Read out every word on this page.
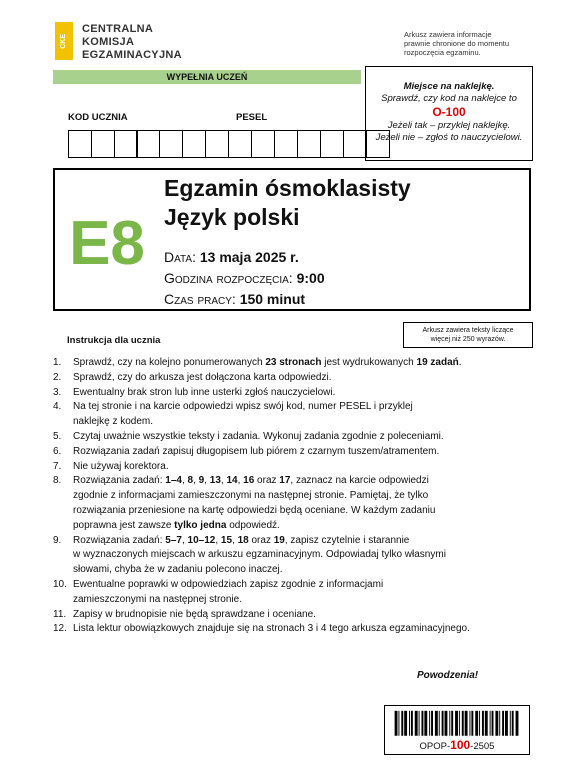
CKE
CENTRALNA
KOMISJA
EGZAMINACYJNA
Arkusz zawiera informacje
prawnie chronione do momentu
rozpoczęcia egzaminu.
WYPEŁNIA UCZEŃ
KOD UCZNIA	PESEL
Miejsce na naklejkę.
Sprawdź, czy kod na naklejce to
O-100
Jeżeli tak – przyklej naklejkę.
Jeżeli nie – zgłoś to nauczycielowi.
E8
Egzamin ósmoklasisty
Język polski
Data: 13 maja 2025 r.
Godzina rozpoczęcia: 9:00
Czas pracy: 150 minut
Arkusz zawiera teksty liczące
więcej niż 250 wyrazów.
Instrukcja dla ucznia
1.	Sprawdź, czy na kolejno ponumerowanych 23 stronach jest wydrukowanych 19 zadań.
2.	Sprawdź, czy do arkusza jest dołączona karta odpowiedzi.
3.	Ewentualny brak stron lub inne usterki zgłoś nauczycielowi.
4.	Na tej stronie i na karcie odpowiedzi wpisz swój kod, numer PESEL i przyklej
naklejkę z kodem.
5.	Czytaj uważnie wszystkie teksty i zadania. Wykonuj zadania zgodnie z poleceniami.
6.	Rozwiązania zadań zapisuj długopisem lub piórem z czarnym tuszem/atramentem.
7.	Nie używaj korektora.
8.	Rozwiązania zadań: 1–4, 8, 9, 13, 14, 16 oraz 17, zaznacz na karcie odpowiedzi
zgodnie z informacjami zamieszczonymi na następnej stronie. Pamiętaj, że tylko
rozwiązania przeniesione na kartę odpowiedzi będą oceniane. W każdym zadaniu
poprawna jest zawsze tylko jedna odpowiedź.
9.	Rozwiązania zadań: 5–7, 10–12, 15, 18 oraz 19, zapisz czytelnie i starannie
w wyznaczonych miejscach w arkuszu egzaminacyjnym. Odpowiadaj tylko własnymi
słowami, chyba że w zadaniu polecono inaczej.
10. Ewentualne poprawki w odpowiedziach zapisz zgodnie z informacjami
zamieszczonymi na następnej stronie.
11. Zapisy w brudnopisie nie będą sprawdzane i oceniane.
12. Lista lektur obowiązkowych znajduje się na stronach 3 i 4 tego arkusza egzaminacyjnego.
Powodzenia!
OPOP-100-2505
